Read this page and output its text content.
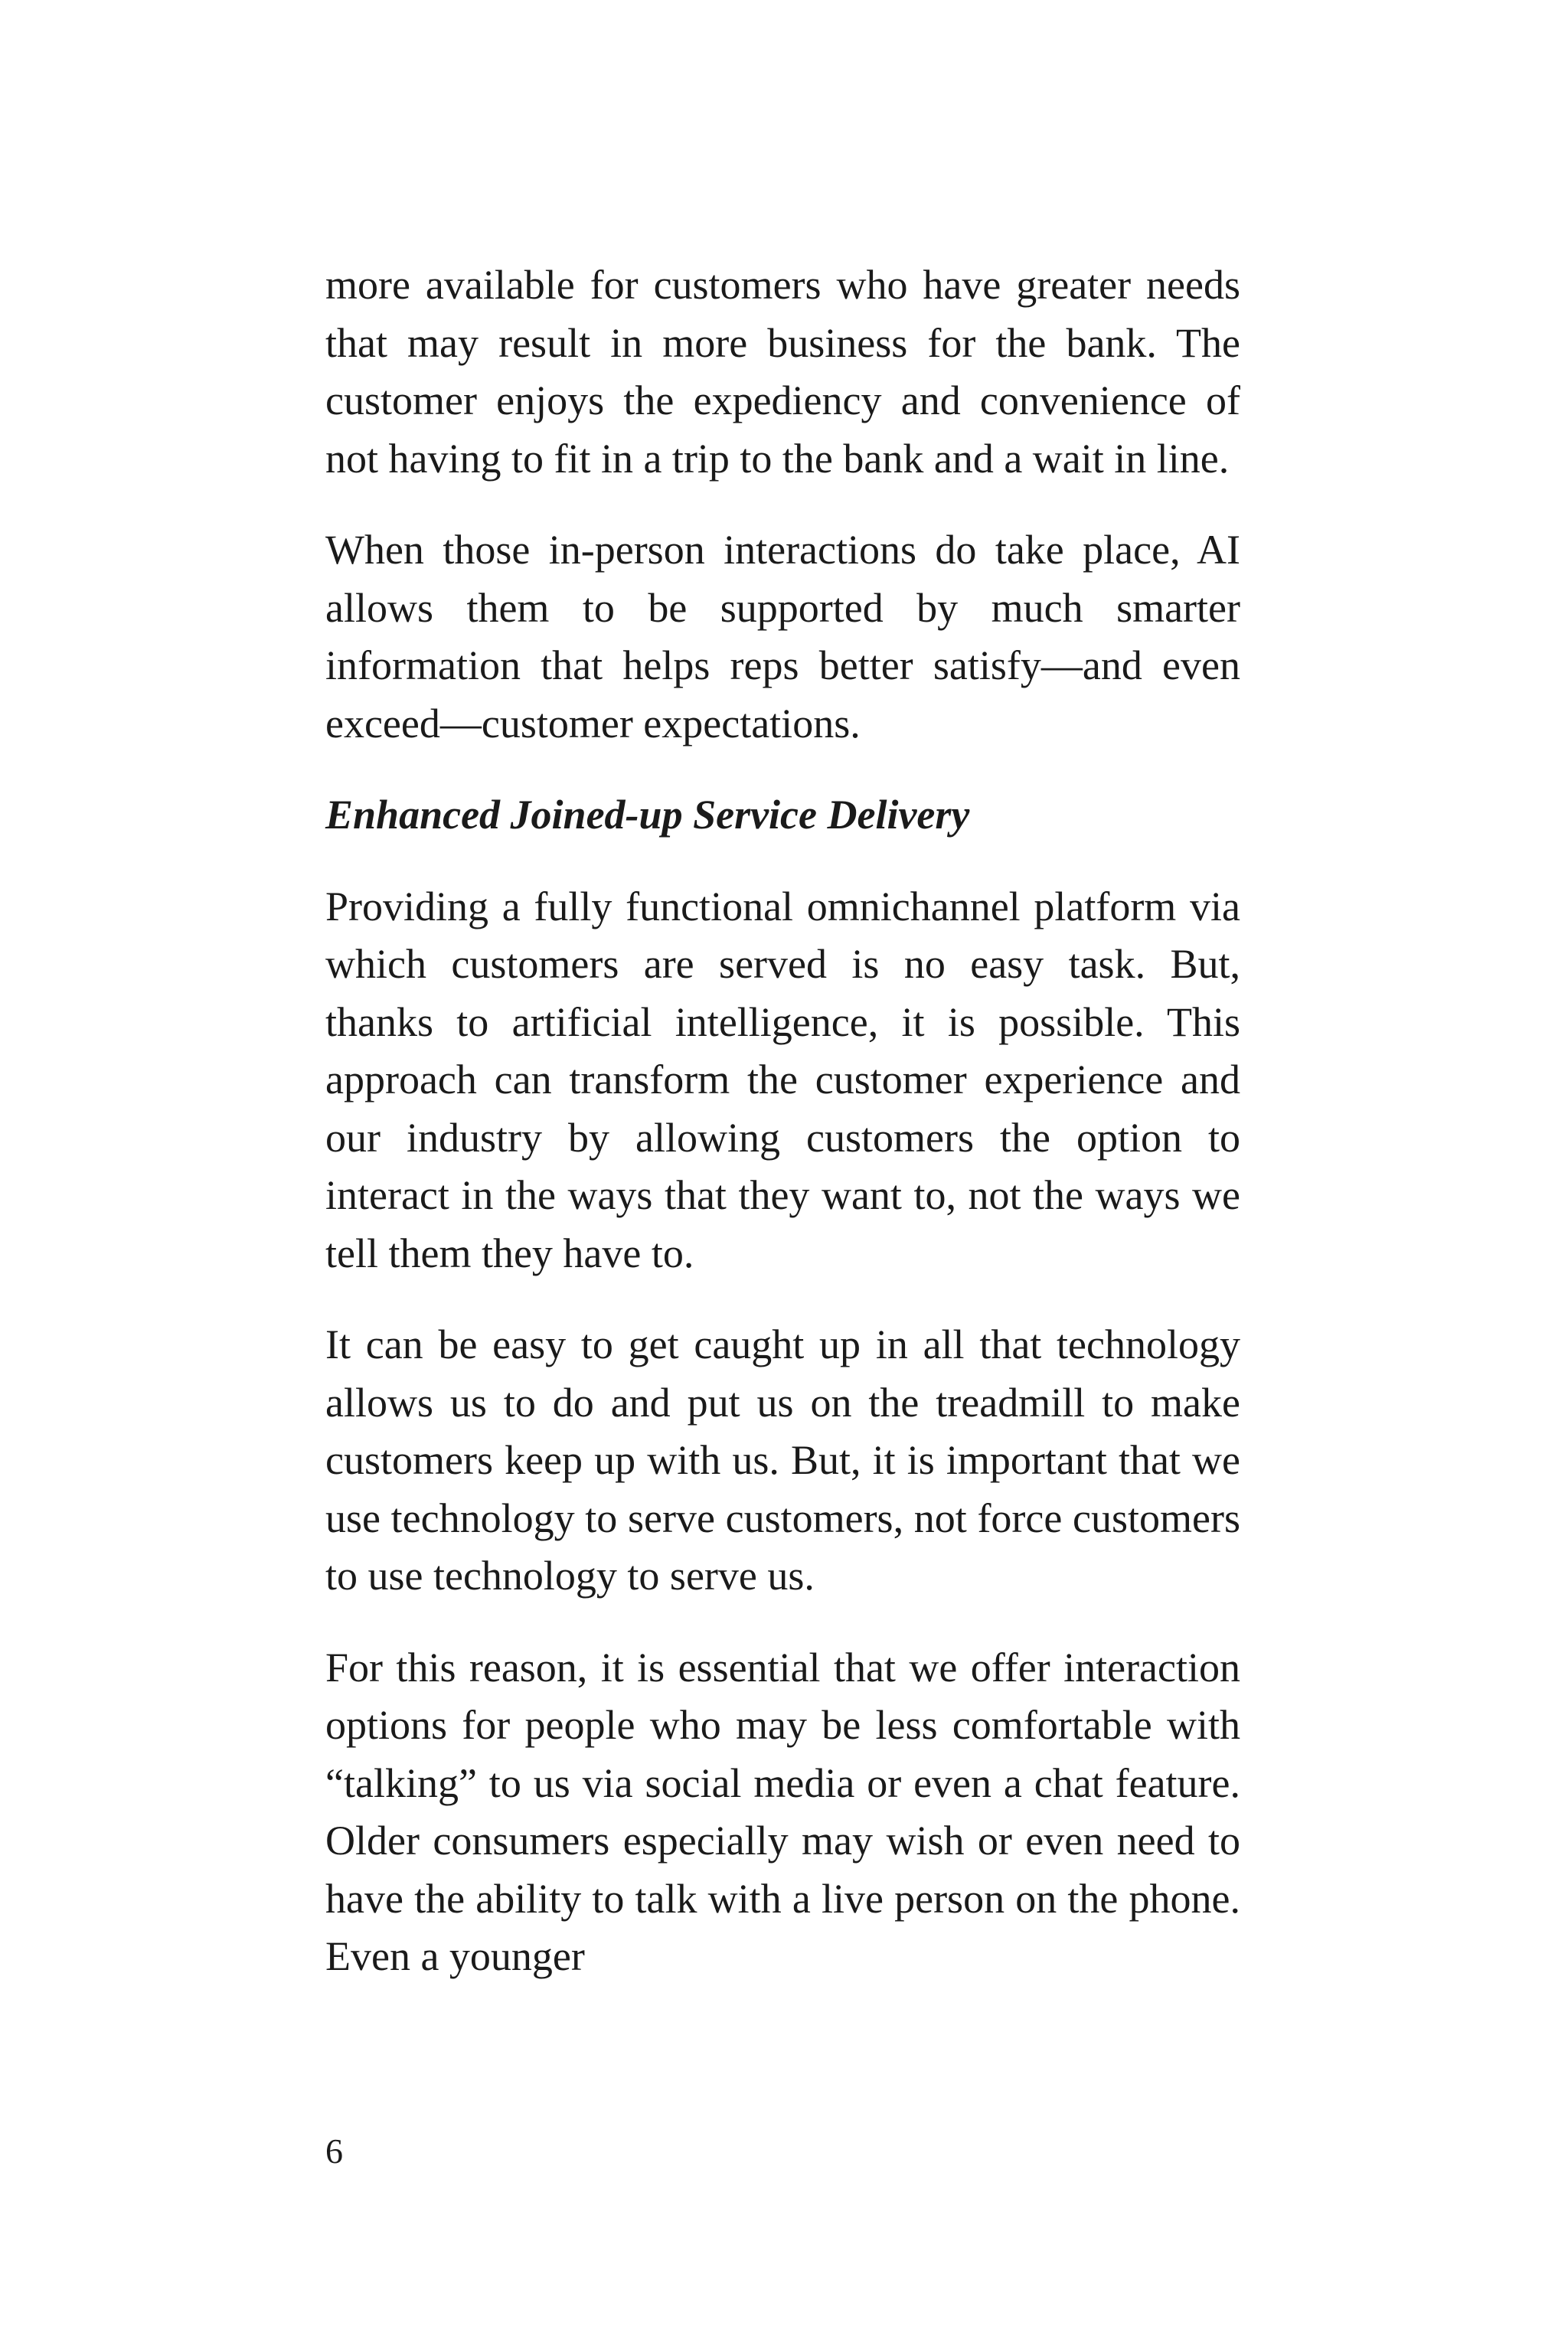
more available for customers who have greater needs that may result in more business for the bank. The customer enjoys the expediency and convenience of not having to fit in a trip to the bank and a wait in line.

When those in-person interactions do take place, AI allows them to be supported by much smarter information that helps reps better satisfy—and even exceed—customer expectations.

Enhanced Joined-up Service Delivery

Providing a fully functional omnichannel platform via which customers are served is no easy task. But, thanks to artificial intelligence, it is possible. This approach can transform the customer experience and our industry by allowing customers the option to interact in the ways that they want to, not the ways we tell them they have to.

It can be easy to get caught up in all that technology allows us to do and put us on the treadmill to make customers keep up with us. But, it is important that we use technology to serve customers, not force customers to use technology to serve us.

For this reason, it is essential that we offer interaction options for people who may be less comfortable with “talking” to us via social media or even a chat feature. Older consumers especially may wish or even need to have the ability to talk with a live person on the phone. Even a younger

6
